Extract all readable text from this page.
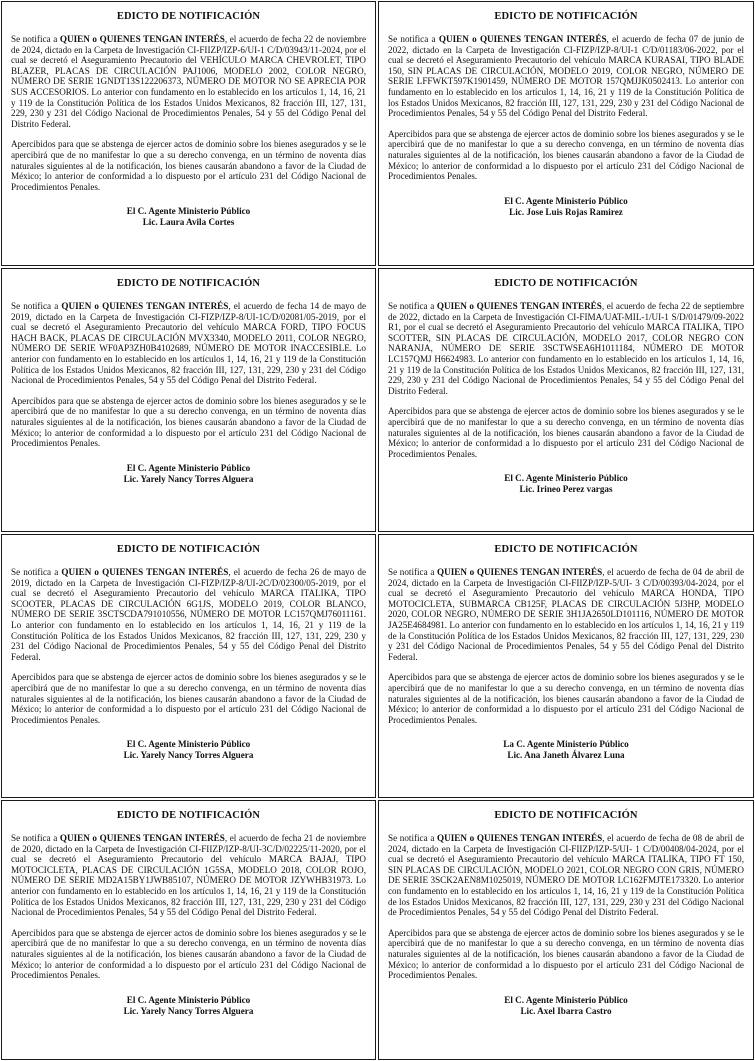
EDICTO DE NOTIFICACIÓN

Se notifica a QUIEN o QUIENES TENGAN INTERÉS, el acuerdo de fecha 22 de noviembre de 2024, dictado en la Carpeta de Investigación CI-FIIZP/IZP-6/UI-1 C/D/03943/11-2024, por el cual se decretó el Aseguramiento Precautorio del VEHÍCULO MARCA CHEVROLET, TIPO BLAZER, PLACAS DE CIRCULACIÓN PAJ1006, MODELO 2002, COLOR NEGRO, NÚMERO DE SERIE 1GNDT13S122206373, NÚMERO DE MOTOR NO SE APRECIA POR SUS ACCESORIOS. Lo anterior con fundamento en lo establecido en los artículos 1, 14, 16, 21 y 119 de la Constitución Política de los Estados Unidos Mexicanos, 82 fracción III, 127, 131, 229, 230 y 231 del Código Nacional de Procedimientos Penales, 54 y 55 del Código Penal del Distrito Federal.

Apercibidos para que se abstenga de ejercer actos de dominio sobre los bienes asegurados y se le apercibirá que de no manifestar lo que a su derecho convenga, en un término de noventa días naturales siguientes al de la notificación, los bienes causarán abandono a favor de la Ciudad de México; lo anterior de conformidad a lo dispuesto por el artículo 231 del Código Nacional de Procedimientos Penales.

El C. Agente Ministerio Público
Lic. Laura Avila Cortes
EDICTO DE NOTIFICACIÓN

Se notifica a QUIEN o QUIENES TENGAN INTERÉS, el acuerdo de fecha 07 de junio de 2022, dictado en la Carpeta de Investigación CI-FIZP/IZP-8/UI-1 C/D/01183/06-2022, por el cual se decretó el Aseguramiento Precautorio del vehículo MARCA KURASAI, TIPO BLADE 150, SIN PLACAS DE CIRCULACIÓN, MODELO 2019, COLOR NEGRO, NÚMERO DE SERIE LFFWKT597K1901459, NÚMERO DE MOTOR 157QMJJK0502413. Lo anterior con fundamento en lo establecido en los artículos 1, 14, 16, 21 y 119 de la Constitución Política de los Estados Unidos Mexicanos, 82 fracción III, 127, 131, 229, 230 y 231 del Código Nacional de Procedimientos Penales, 54 y 55 del Código Penal del Distrito Federal.

Apercibidos para que se abstenga de ejercer actos de dominio sobre los bienes asegurados y se le apercibirá que de no manifestar lo que a su derecho convenga, en un término de noventa días naturales siguientes al de la notificación, los bienes causarán abandono a favor de la Ciudad de México; lo anterior de conformidad a lo dispuesto por el artículo 231 del Código Nacional de Procedimientos Penales.

El C. Agente Ministerio Público
Lic. Jose Luis Rojas Ramirez
EDICTO DE NOTIFICACIÓN

Se notifica a QUIEN o QUIENES TENGAN INTERÉS, el acuerdo de fecha 14 de mayo de 2019, dictado en la Carpeta de Investigación CI-FIZP/IZP-8/UI-1C/D/02081/05-2019, por el cual se decretó el Aseguramiento Precautorio del vehículo MARCA FORD, TIPO FOCUS HACH BACK, PLACAS DE CIRCULACIÓN MVX3340, MODELO 2011, COLOR NEGRO, NÚMERO DE SERIE WF0AP3ZH0B4102689, NÚMERO DE MOTOR INACCESIBLE. Lo anterior con fundamento en lo establecido en los artículos 1, 14, 16, 21 y 119 de la Constitución Política de los Estados Unidos Mexicanos, 82 fracción III, 127, 131, 229, 230 y 231 del Código Nacional de Procedimientos Penales, 54 y 55 del Código Penal del Distrito Federal.

Apercibidos para que se abstenga de ejercer actos de dominio sobre los bienes asegurados y se le apercibirá que de no manifestar lo que a su derecho convenga, en un término de noventa días naturales siguientes al de la notificación, los bienes causarán abandono a favor de la Ciudad de México; lo anterior de conformidad a lo dispuesto por el artículo 231 del Código Nacional de Procedimientos Penales.

El C. Agente Ministerio Público
Lic. Yarely Nancy Torres Alguera
EDICTO DE NOTIFICACIÓN

Se notifica a QUIEN o QUIENES TENGAN INTERÉS, el acuerdo de fecha 22 de septiembre de 2022, dictado en la Carpeta de Investigación CI-FIMA/UAT-MIL-1/UI-1 S/D/01479/09-2022 R1, por el cual se decretó el Aseguramiento Precautorio del vehículo MARCA ITALIKA, TIPO SCOTTER, SIN PLACAS DE CIRCULACIÓN, MODELO 2017, COLOR NEGRO CON NARANJA, NÚMERO DE SERIE 3SCTWSEA6H1011184, NÚMERO DE MOTOR LC157QMJ H6624983. Lo anterior con fundamento en lo establecido en los artículos 1, 14, 16, 21 y 119 de la Constitución Política de los Estados Unidos Mexicanos, 82 fracción III, 127, 131, 229, 230 y 231 del Código Nacional de Procedimientos Penales, 54 y 55 del Código Penal del Distrito Federal.

Apercibidos para que se abstenga de ejercer actos de dominio sobre los bienes asegurados y se le apercibirá que de no manifestar lo que a su derecho convenga, en un término de noventa días naturales siguientes al de la notificación, los bienes causarán abandono a favor de la Ciudad de México; lo anterior de conformidad a lo dispuesto por el artículo 231 del Código Nacional de Procedimientos Penales.

El C. Agente Ministerio Público
Lic. Irineo Perez vargas
EDICTO DE NOTIFICACIÓN

Se notifica a QUIEN o QUIENES TENGAN INTERÉS, el acuerdo de fecha 26 de mayo de 2019, dictado en la Carpeta de Investigación CI-FIZP/IZP-8/UI-2C/D/02300/05-2019, por el cual se decretó el Aseguramiento Precautorio del vehículo MARCA ITALIKA, TIPO SCOOTER, PLACAS DE CIRCULACIÓN 6G1JS, MODELO 2019, COLOR BLANCO, NÚMERO DE SERIE 3SCTSCDA791010556, NÚMERO DE MOTOR LC157QMJ76011161. Lo anterior con fundamento en lo establecido en los artículos 1, 14, 16, 21 y 119 de la Constitución Política de los Estados Unidos Mexicanos, 82 fracción III, 127, 131, 229, 230 y 231 del Código Nacional de Procedimientos Penales, 54 y 55 del Código Penal del Distrito Federal.

Apercibidos para que se abstenga de ejercer actos de dominio sobre los bienes asegurados y se le apercibirá que de no manifestar lo que a su derecho convenga, en un término de noventa días naturales siguientes al de la notificación, los bienes causarán abandono a favor de la Ciudad de México; lo anterior de conformidad a lo dispuesto por el artículo 231 del Código Nacional de Procedimientos Penales.

El C. Agente Ministerio Público
Lic. Yarely Nancy Torres Alguera
EDICTO DE NOTIFICACIÓN

Se notifica a QUIEN o QUIENES TENGAN INTERÉS, el acuerdo de fecha de 04 de abril de 2024, dictado en la Carpeta de Investigación CI-FIIZP/IZP-5/UI- 3 C/D/00393/04-2024, por el cual se decretó el Aseguramiento Precautorio del vehículo MARCA HONDA, TIPO MOTOCICLETA, SUBMARCA CB125F, PLACAS DE CIRCULACIÓN 5J3HP, MODELO 2020, COLOR NEGRO, NÚMERO DE SERIE 3H1JA2650LD101116, NÚMERO DE MOTOR JA25E4684981. Lo anterior con fundamento en lo establecido en los artículos 1, 14, 16, 21 y 119 de la Constitución Política de los Estados Unidos Mexicanos, 82 fracción III, 127, 131, 229, 230 y 231 del Código Nacional de Procedimientos Penales, 54 y 55 del Código Penal del Distrito Federal.

Apercibidos para que se abstenga de ejercer actos de dominio sobre los bienes asegurados y se le apercibirá que de no manifestar lo que a su derecho convenga, en un término de noventa días naturales siguientes al de la notificación, los bienes causarán abandono a favor de la Ciudad de México; lo anterior de conformidad a lo dispuesto por el artículo 231 del Código Nacional de Procedimientos Penales.

La C. Agente Ministerio Público
Lic. Ana Janeth Álvarez Luna
EDICTO DE NOTIFICACIÓN

Se notifica a QUIEN o QUIENES TENGAN INTERÉS, el acuerdo de fecha 21 de noviembre de 2020, dictado en la Carpeta de Investigación CI-FIIZP/IZP-8/UI-3C/D/02225/11-2020, por el cual se decretó el Aseguramiento Precautorio del vehículo MARCA BAJAJ, TIPO MOTOCICLETA, PLACAS DE CIRCULACIÓN 1G5SA, MODELO 2018, COLOR ROJO, NÚMERO DE SERIE MD2A15BY1JWB85107, NÚMERO DE MOTOR JZYWHB31973. Lo anterior con fundamento en lo establecido en los artículos 1, 14, 16, 21 y 119 de la Constitución Política de los Estados Unidos Mexicanos, 82 fracción III, 127, 131, 229, 230 y 231 del Código Nacional de Procedimientos Penales, 54 y 55 del Código Penal del Distrito Federal.

Apercibidos para que se abstenga de ejercer actos de dominio sobre los bienes asegurados y se le apercibirá que de no manifestar lo que a su derecho convenga, en un término de noventa días naturales siguientes al de la notificación, los bienes causarán abandono a favor de la Ciudad de México; lo anterior de conformidad a lo dispuesto por el artículo 231 del Código Nacional de Procedimientos Penales.

El C. Agente Ministerio Público
Lic. Yarely Nancy Torres Alguera
EDICTO DE NOTIFICACIÓN

Se notifica a QUIEN o QUIENES TENGAN INTERÉS, el acuerdo de fecha de 08 de abril de 2024, dictado en la Carpeta de Investigación CI-FIIZP/IZP-5/UI- 1 C/D/00408/04-2024, por el cual se decretó el Aseguramiento Precautorio del vehículo MARCA ITALIKA, TIPO FT 150, SIN PLACAS DE CIRCULACIÓN, MODELO 2021, COLOR NEGRO CON GRIS, NÚMERO DE SERIE 3SCK2AEN8M1025019, NÚMERO DE MOTOR LC162FMJTE173320. Lo anterior con fundamento en lo establecido en los artículos 1, 14, 16, 21 y 119 de la Constitución Política de los Estados Unidos Mexicanos, 82 fracción III, 127, 131, 229, 230 y 231 del Código Nacional de Procedimientos Penales, 54 y 55 del Código Penal del Distrito Federal.

Apercibidos para que se abstenga de ejercer actos de dominio sobre los bienes asegurados y se le apercibirá que de no manifestar lo que a su derecho convenga, en un término de noventa días naturales siguientes al de la notificación, los bienes causarán abandono a favor de la Ciudad de México; lo anterior de conformidad a lo dispuesto por el artículo 231 del Código Nacional de Procedimientos Penales.

El C. Agente Ministerio Público
Lic. Axel Ibarra Castro
